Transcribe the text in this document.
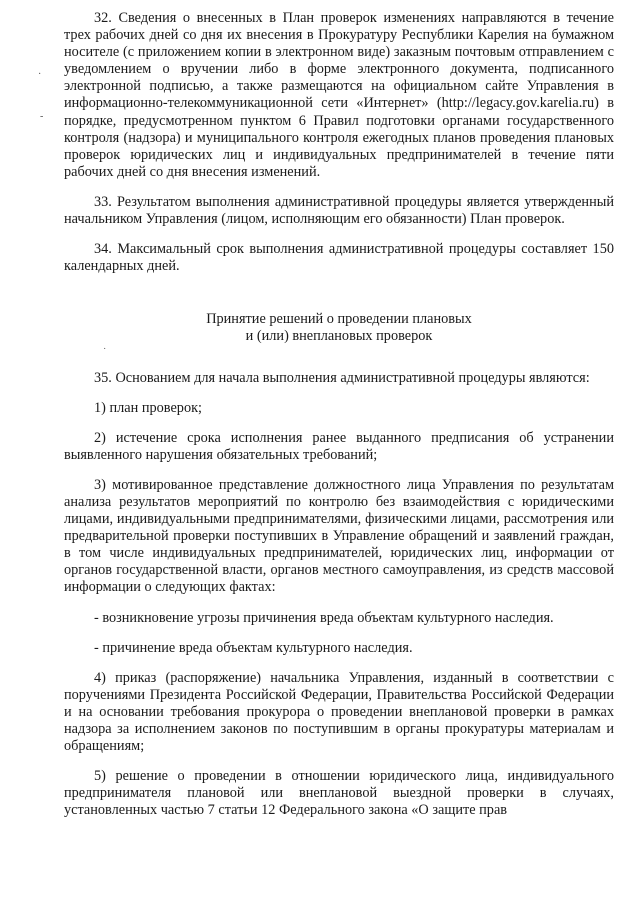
32. Сведения о внесенных в План проверок изменениях направляются в течение трех рабочих дней со дня их внесения в Прокуратуру Республики Карелия на бумажном носителе (с приложением копии в электронном виде) заказным почтовым отправлением с уведомлением о вручении либо в форме электронного документа, подписанного электронной подписью, а также размещаются на официальном сайте Управления в информационно-телекоммуникационной сети «Интернет» (http://legacy.gov.karelia.ru) в порядке, предусмотренном пунктом 6 Правил подготовки органами государственного контроля (надзора) и муниципального контроля ежегодных планов проведения плановых проверок юридических лиц и индивидуальных предпринимателей в течение пяти рабочих дней со дня внесения изменений.

33. Результатом выполнения административной процедуры является утвержденный начальником Управления (лицом, исполняющим его обязанности) План проверок.

34. Максимальный срок выполнения административной процедуры составляет 150 календарных дней.

Принятие решений о проведении плановых
и (или) внеплановых проверок

35. Основанием для начала выполнения административной процедуры являются:

1) план проверок;

2) истечение срока исполнения ранее выданного предписания об устранении выявленного нарушения обязательных требований;

3) мотивированное представление должностного лица Управления по результатам анализа результатов мероприятий по контролю без взаимодействия с юридическими лицами, индивидуальными предпринимателями, физическими лицами, рассмотрения или предварительной проверки поступивших в Управление обращений и заявлений граждан, в том числе индивидуальных предпринимателей, юридических лиц, информации от органов государственной власти, органов местного самоуправления, из средств массовой информации о следующих фактах:

- возникновение угрозы причинения вреда объектам культурного наследия.

- причинение вреда объектам культурного наследия.

4) приказ (распоряжение) начальника Управления, изданный в соответствии с поручениями Президента Российской Федерации, Правительства Российской Федерации и на основании требования прокурора о проведении внеплановой проверки в рамках надзора за исполнением законов по поступившим в органы прокуратуры материалам и обращениям;

5) решение о проведении в отношении юридического лица, индивидуального предпринимателя плановой или внеплановой выездной проверки в случаях, установленных частью 7 статьи 12 Федерального закона «О защите прав

·
-
˙
